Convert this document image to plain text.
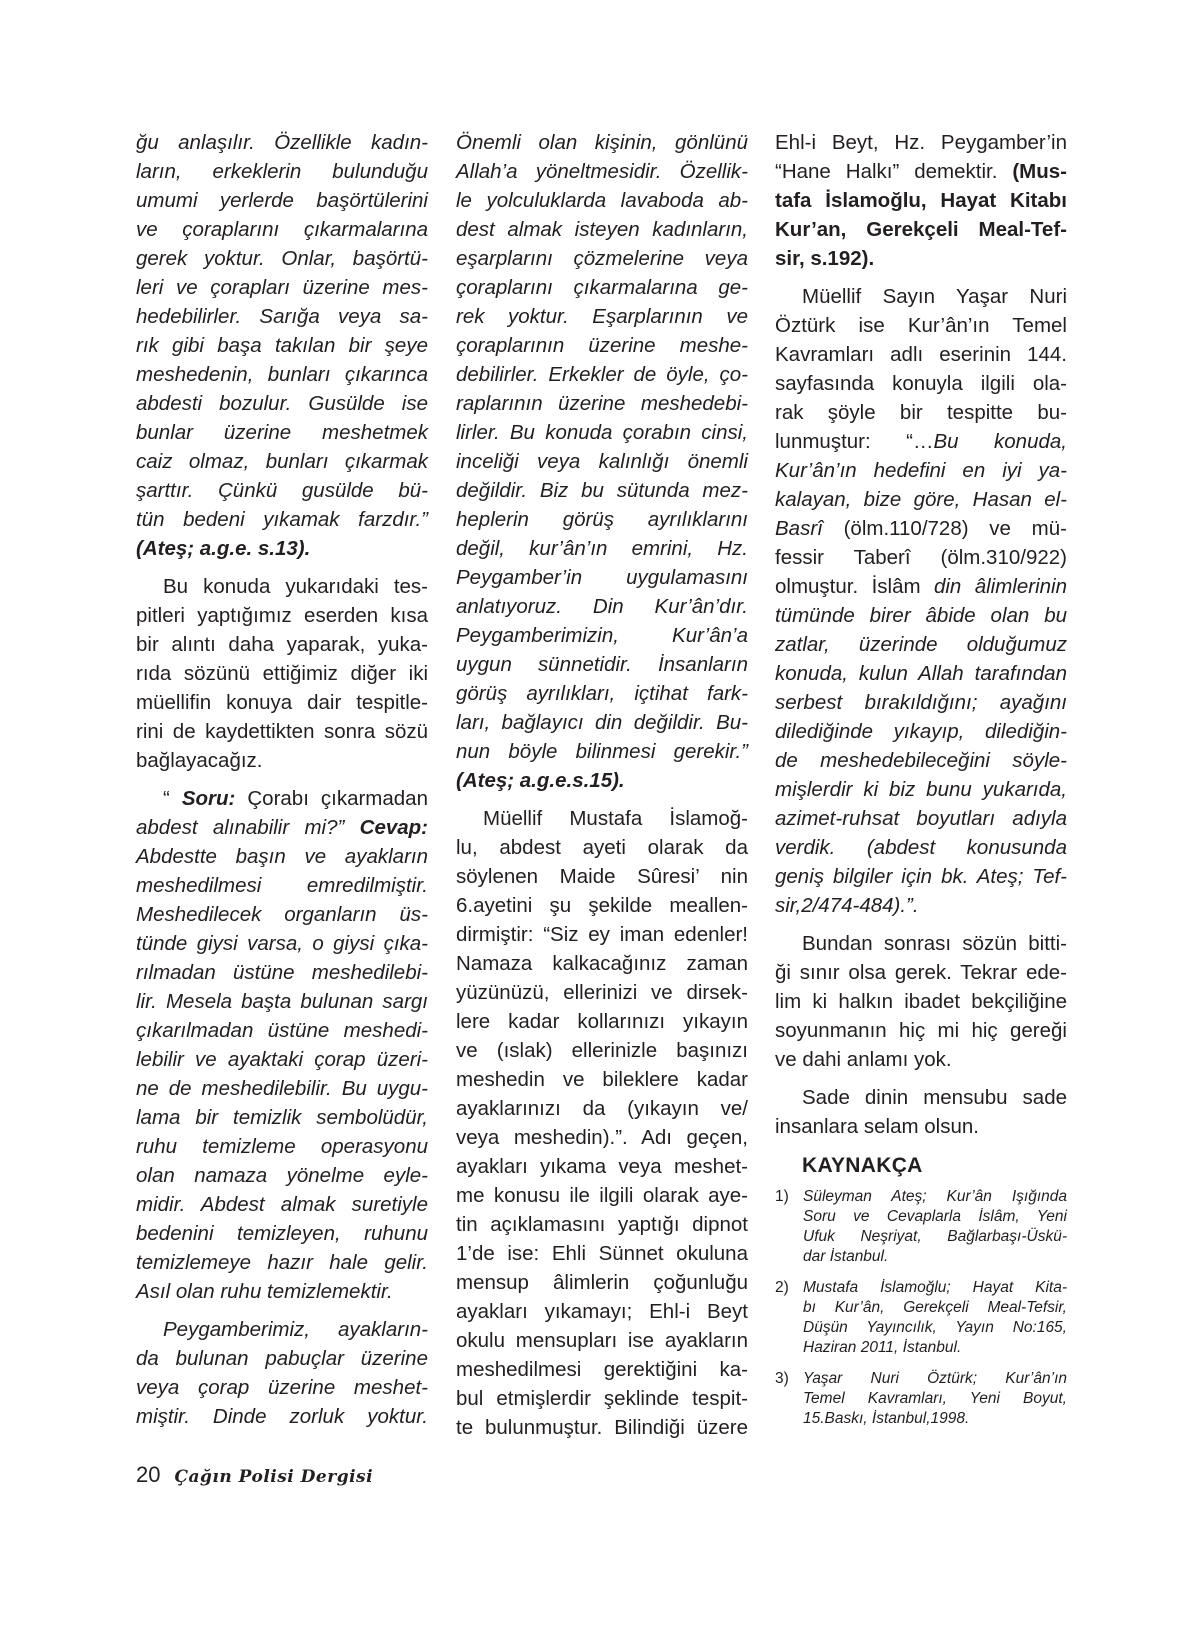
ğu anlaşılır. Özellikle kadın-
ların, erkeklerin bulunduğu
umumi yerlerde başörtülerini
ve çoraplarını çıkarmalarına
gerek yoktur. Onlar, başörtü-
leri ve çorapları üzerine mes-
hedebilirler. Sarığa veya sa-
rık gibi başa takılan bir şeye
meshedenin, bunları çıkarınca
abdesti bozulur. Gusülde ise
bunlar üzerine meshetmek
caiz olmaz, bunları çıkarmak
şarttır. Çünkü gusülde bü-
tün bedeni yıkamak farzdır.”
(Ateş; a.g.e. s.13).
Bu konuda yukarıdaki tes-
pitleri yaptığımız eserden kısa
bir alıntı daha yaparak, yuka-
rıda sözünü ettiğimiz diğer iki
müellifin konuya dair tespitle-
rini de kaydettikten sonra sözü
bağlayacağız.
“ Soru: Çorabı çıkarmadan
abdest alınabilir mi?” Cevap:
Abdestte başın ve ayakların
meshedilmesi emredilmiştir.
Meshedilecek organların üs-
tünde giysi varsa, o giysi çıka-
rılmadan üstüne meshedilebi-
lir. Mesela başta bulunan sargı
çıkarılmadan üstüne meshedi-
lebilir ve ayaktaki çorap üzeri-
ne de meshedilebilir. Bu uygu-
lama bir temizlik sembolüdür,
ruhu temizleme operasyonu
olan namaza yönelme eyle-
midir. Abdest almak suretiyle
bedenini temizleyen, ruhunu
temizlemeye hazır hale gelir.
Asıl olan ruhu temizlemektir.
Peygamberimiz, ayakların-
da bulunan pabuçlar üzerine
veya çorap üzerine meshet-
miştir. Dinde zorluk yoktur.
Önemli olan kişinin, gönlünü
Allah’a yöneltmesidir. Özellik-
le yolculuklarda lavaboda ab-
dest almak isteyen kadınların,
eşarplarını çözmelerine veya
çoraplarını çıkarmalarına ge-
rek yoktur. Eşarplarının ve
çoraplarının üzerine meshe-
debilirler. Erkekler de öyle, ço-
raplarının üzerine meshedebi-
lirler. Bu konuda çorabın cinsi,
inceliği veya kalınlığı önemli
değildir. Biz bu sütunda mez-
heplerin görüş ayrılıklarını
değil, kur’ân’ın emrini, Hz.
Peygamber’in uygulamasını
anlatıyoruz. Din Kur’ân’dır.
Peygamberimizin, Kur’ân’a
uygun sünnetidir. İnsanların
görüş ayrılıkları, içtihat fark-
ları, bağlayıcı din değildir. Bu-
nun böyle bilinmesi gerekir.”
(Ateş; a.g.e.s.15).
Müellif Mustafa İslamoğ-
lu, abdest ayeti olarak da
söylenen Maide Sûresi’ nin
6.ayetini şu şekilde meallen-
dirmiştir: “Siz ey iman edenler!
Namaza kalkacağınız zaman
yüzünüzü, ellerinizi ve dirsek-
lere kadar kollarınızı yıkayın
ve (ıslak) ellerinizle başınızı
meshedin ve bileklere kadar
ayaklarınızı da (yıkayın ve/
veya meshedin).”. Adı geçen,
ayakları yıkama veya meshet-
me konusu ile ilgili olarak aye-
tin açıklamasını yaptığı dipnot
1’de ise: Ehli Sünnet okuluna
mensup âlimlerin çoğunluğu
ayakları yıkamayı; Ehl-i Beyt
okulu mensupları ise ayakların
meshedilmesi gerektiğini ka-
bul etmişlerdir şeklinde tespit-
te bulunmuştur. Bilindiği üzere
Ehl-i Beyt, Hz. Peygamber’in
“Hane Halkı” demektir. (Mus-
tafa İslamoğlu, Hayat Kitabı
Kur’an, Gerekçeli Meal-Tef-
sir, s.192).
Müellif Sayın Yaşar Nuri
Öztürk ise Kur’ân’ın Temel
Kavramları adlı eserinin 144.
sayfasında konuyla ilgili ola-
rak şöyle bir tespitte bu-
lunmuştur: “…Bu konuda,
Kur’ân’ın hedefini en iyi ya-
kalayan, bize göre, Hasan el-
Basrî (ölm.110/728) ve mü-
fessir Taberî (ölm.310/922)
olmuştur. İslâm din âlimlerinin
tümünde birer âbide olan bu
zatlar, üzerinde olduğumuz
konuda, kulun Allah tarafından
serbest bırakıldığını; ayağını
dilediğinde yıkayıp, dilediğin-
de meshedebileceğini söyle-
mişlerdir ki biz bunu yukarıda,
azimet-ruhsat boyutları adıyla
verdik. (abdest konusunda
geniş bilgiler için bk. Ateş; Tef-
sir,2/474-484).”.
Bundan sonrası sözün bitti-
ği sınır olsa gerek. Tekrar ede-
lim ki halkın ibadet bekçiliğine
soyunmanın hiç mi hiç gereği
ve dahi anlamı yok.
Sade dinin mensubu sade
insanlara selam olsun.
KAYNAKÇA
1) Süleyman Ateş; Kur’ân Işığında
Soru ve Cevaplarla İslâm, Yeni
Ufuk Neşriyat, Bağlarbaşı-Üskü-
dar İstanbul.
2) Mustafa İslamoğlu; Hayat Kita-
bı Kur’ân, Gerekçeli Meal-Tefsir,
Düşün Yayıncılık, Yayın No:165,
Haziran 2011, İstanbul.
3) Yaşar Nuri Öztürk; Kur’ân’ın
Temel Kavramları, Yeni Boyut,
15.Baskı, İstanbul,1998.
20 Çağın Polisi Dergisi
